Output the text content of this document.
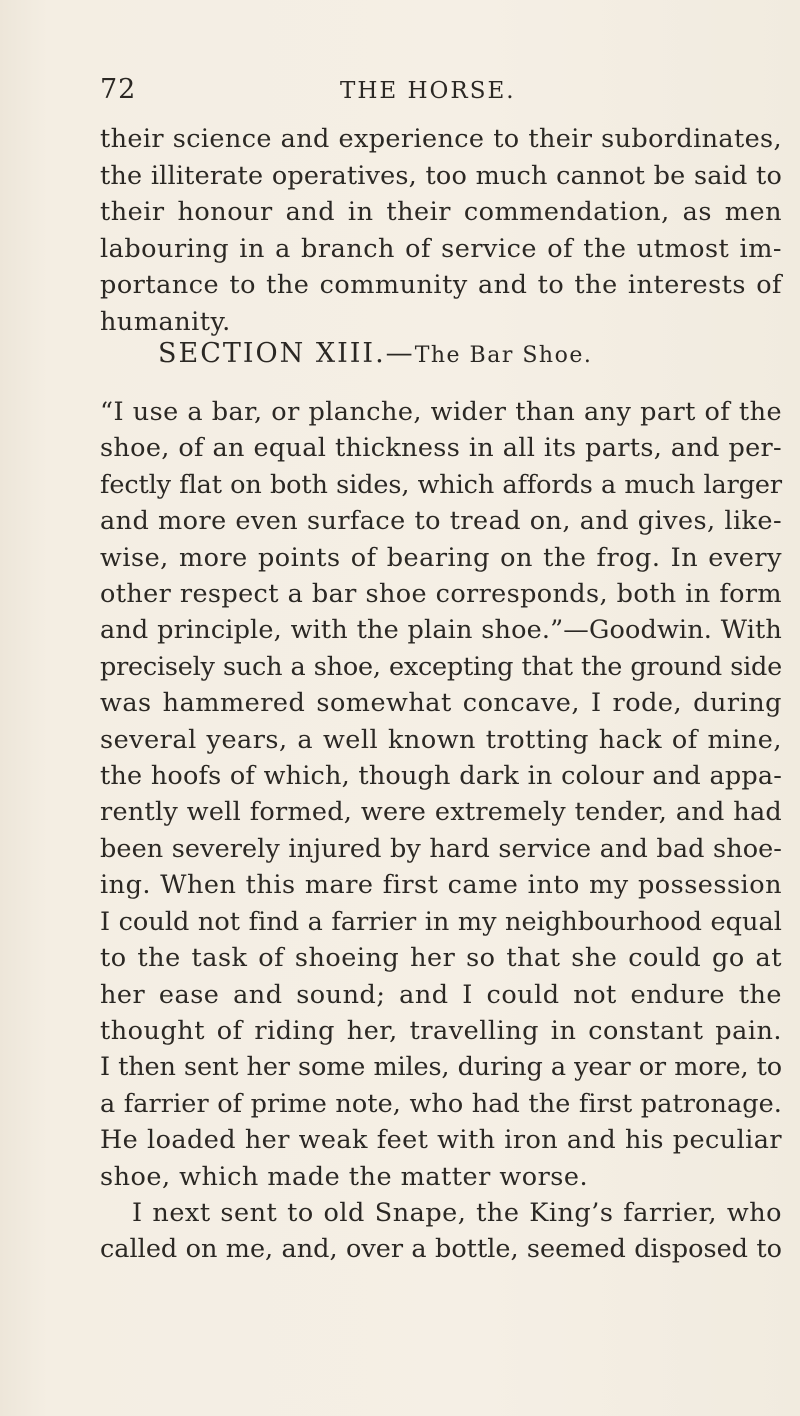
72	THE HORSE.
their science and experience to their subordinates,
the illiterate operatives, too much cannot be said to
their honour and in their commendation, as men
labouring in a branch of service of the utmost im-
portance to the community and to the interests of
humanity.
SECTION XIII.—The Bar Shoe.
“I use a bar, or planche, wider than any part of the
shoe, of an equal thickness in all its parts, and per-
fectly flat on both sides, which affords a much larger
and more even surface to tread on, and gives, like-
wise, more points of bearing on the frog. In every
other respect a bar shoe corresponds, both in form
and principle, with the plain shoe.”—Goodwin. With
precisely such a shoe, excepting that the ground side
was hammered somewhat concave, I rode, during
several years, a well known trotting hack of mine,
the hoofs of which, though dark in colour and appa-
rently well formed, were extremely tender, and had
been severely injured by hard service and bad shoe-
ing. When this mare first came into my possession
I could not find a farrier in my neighbourhood equal
to the task of shoeing her so that she could go at
her ease and sound; and I could not endure the
thought of riding her, travelling in constant pain.
I then sent her some miles, during a year or more, to
a farrier of prime note, who had the first patronage.
He loaded her weak feet with iron and his peculiar
shoe, which made the matter worse.
I next sent to old Snape, the King’s farrier, who
called on me, and, over a bottle, seemed disposed to
